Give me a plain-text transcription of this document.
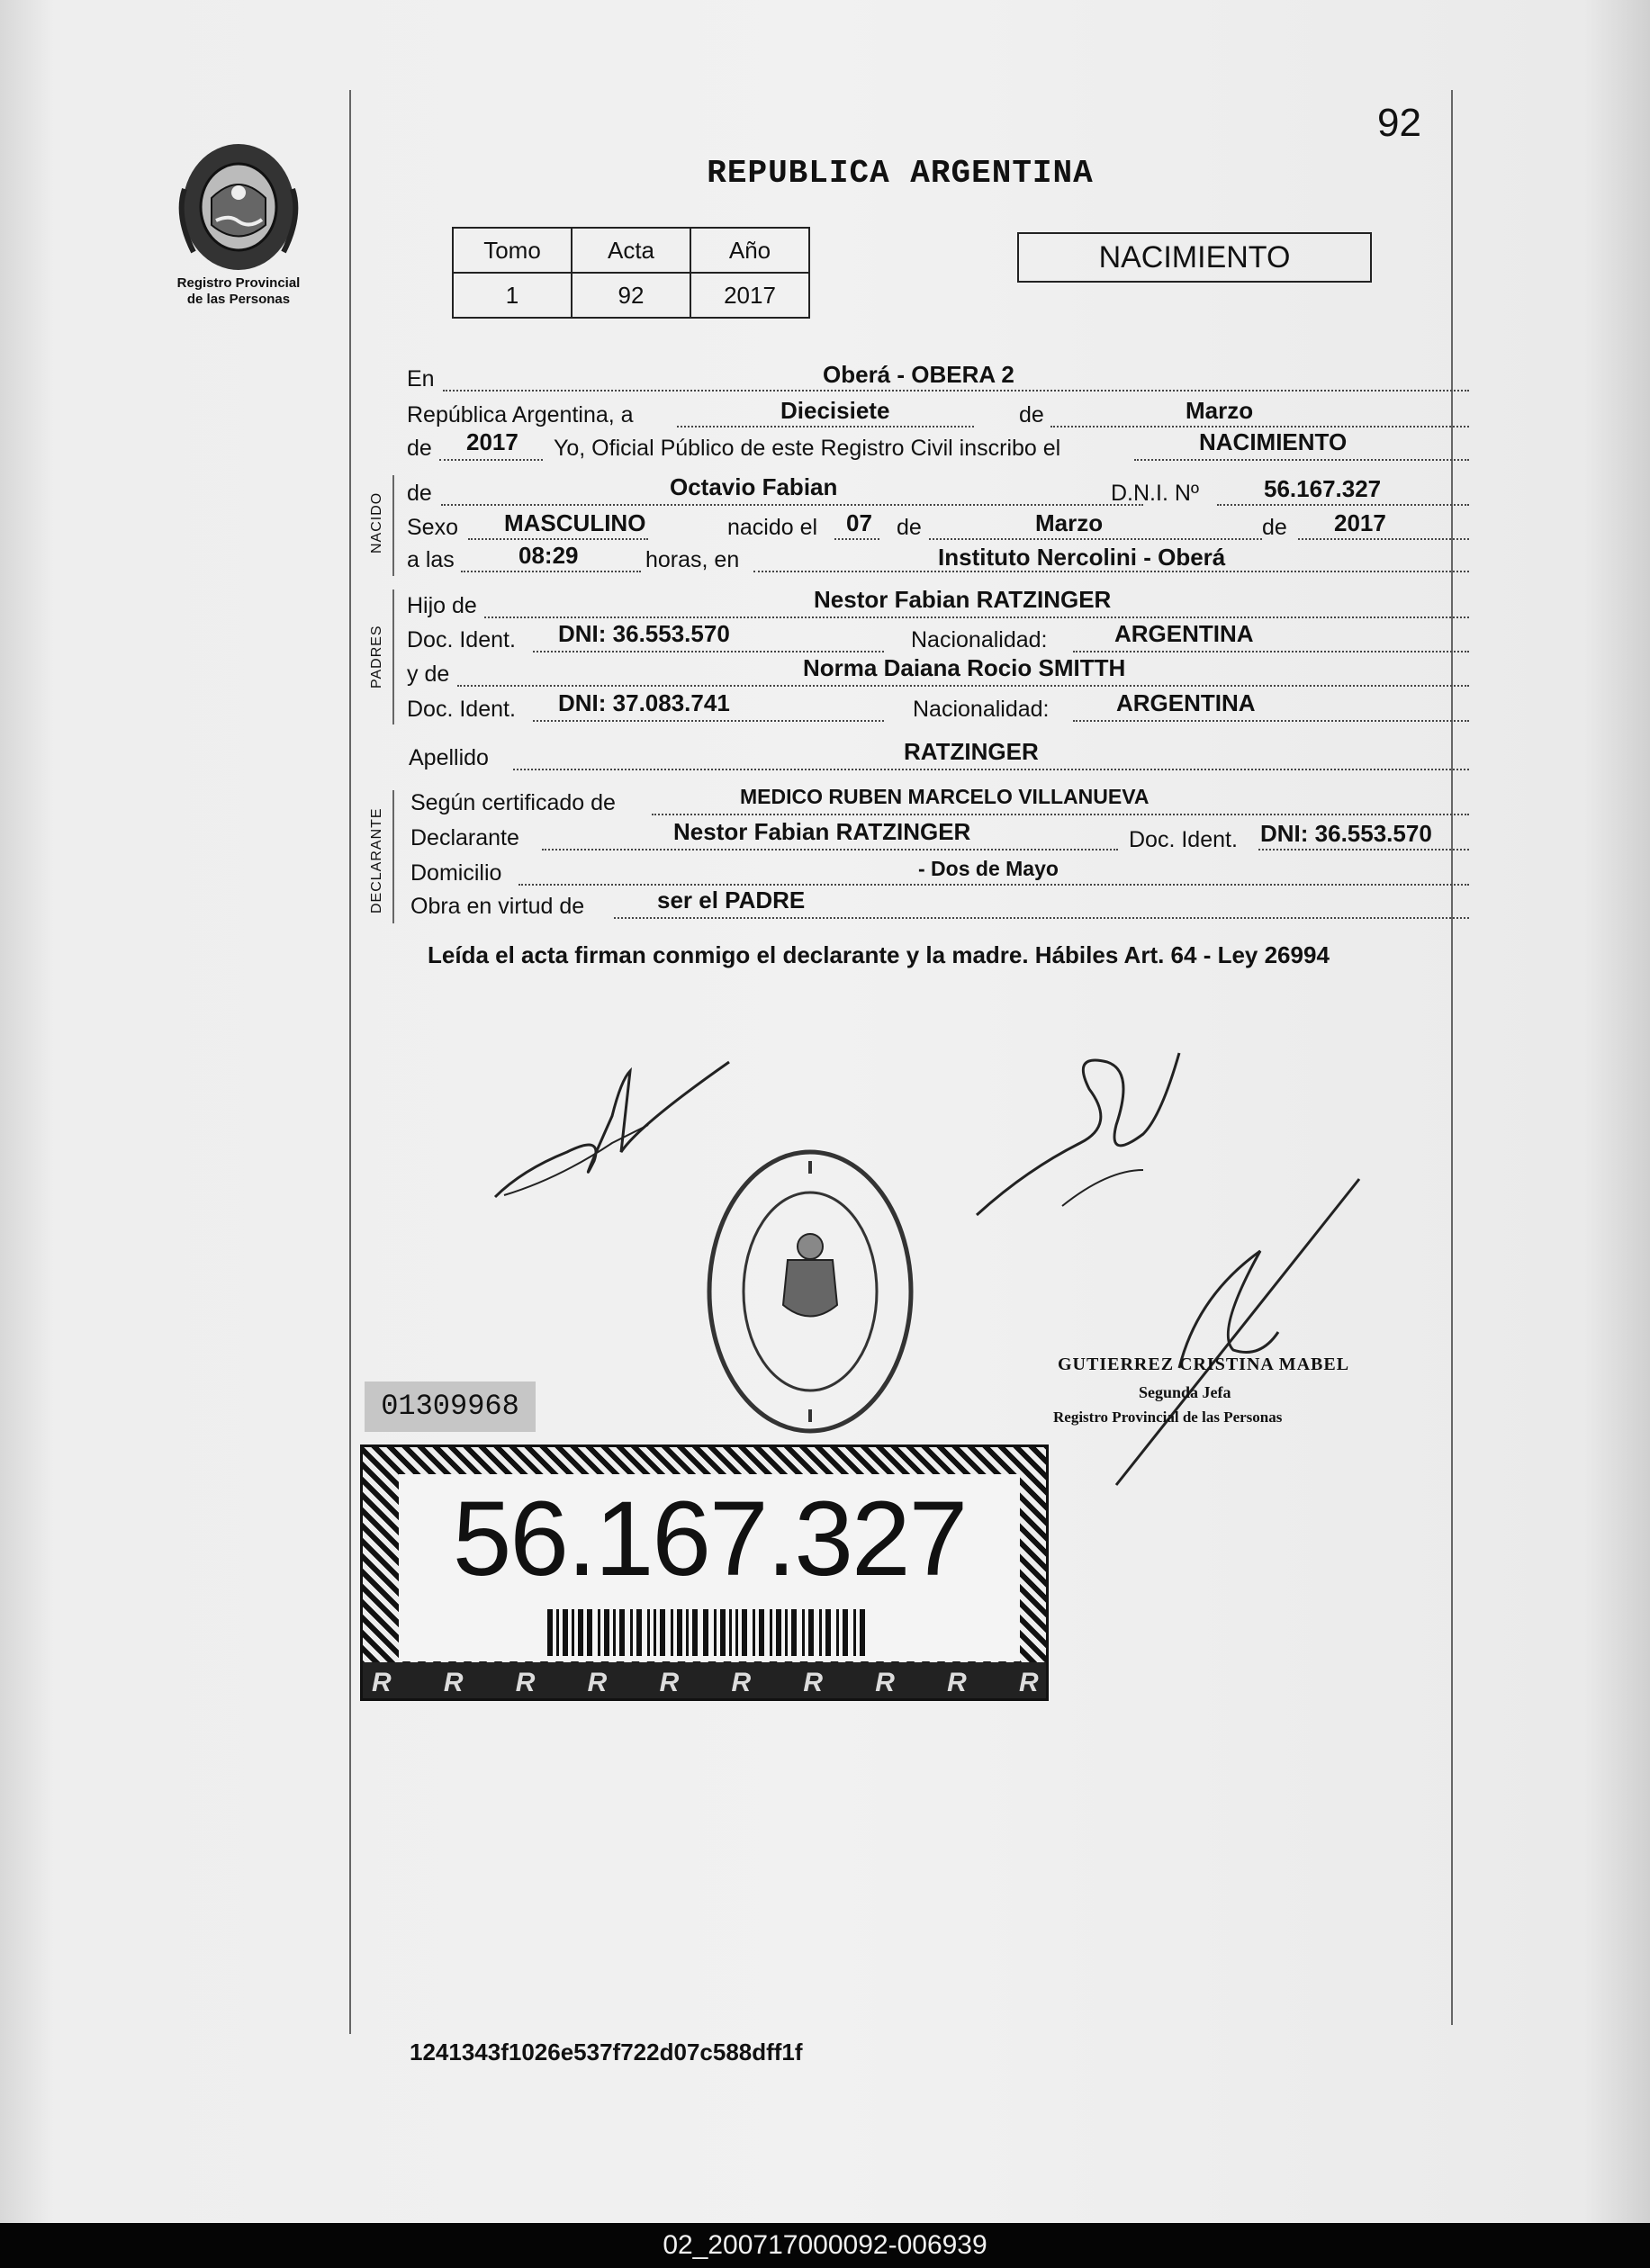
Registro Provincial
de las Personas
92
REPUBLICA ARGENTINA
Tomo	Acta	Año
1	92	2017
NACIMIENTO
En	Oberá - OBERA 2
República Argentina, a	Diecisiete	de	Marzo
de 2017 Yo, Oficial Público de este Registro Civil inscribo el	NACIMIENTO
NACIDO de	Octavio Fabian	D.N.I. Nº	56.167.327
Sexo MASCULINO	nacido el 07 de	Marzo	de 2017
a las	08:29	horas, en	Instituto Nercolini - Oberá
PADRES
Hijo de	Nestor Fabian RATZINGER
Doc. Ident. DNI: 36.553.570	Nacionalidad:	ARGENTINA
y de	Norma Daiana Rocio SMITTH
Doc. Ident. DNI: 37.083.741	Nacionalidad:	ARGENTINA
Apellido	RATZINGER
DECLARANTE
Según certificado de	MEDICO RUBEN MARCELO VILLANUEVA
Declarante	Nestor Fabian RATZINGER	Doc. Ident. DNI: 36.553.570
Domicilio	- Dos de Mayo
Obra en virtud de	ser el PADRE
Leída el acta firman conmigo el declarante y la madre. Hábiles Art. 64 - Ley 26994
GUTIERREZ CRISTINA MABEL
Segunda Jefa
Registro Provincial de las Personas
01309968
56.167.327
R R R R R R R R R R
1241343f1026e537f722d07c588dff1f
02_200717000092-006939
